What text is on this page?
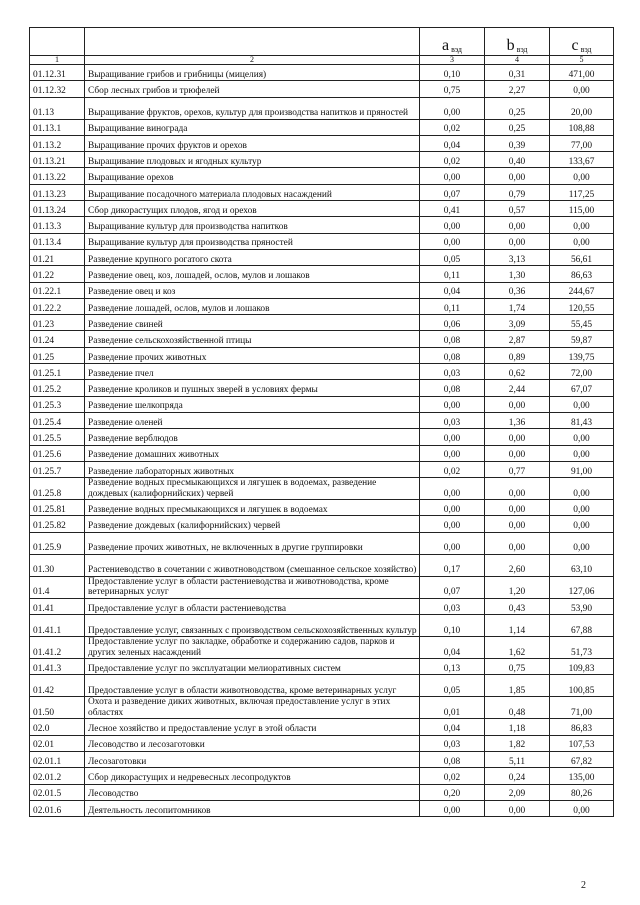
		a $_{вэд}$	b $_{вэд}$	c $_{вэд}$
1	2	3	4	5
01.12.31	Выращивание грибов и грибницы (мицелия)	0,10	0,31	471,00
01.12.32	Сбор лесных грибов и трюфелей	0,75	2,27	0,00
01.13	Выращивание фруктов, орехов, культур для производства напитков и пряностей	0,00	0,25	20,00
01.13.1	Выращивание винограда	0,02	0,25	108,88
01.13.2	Выращивание прочих фруктов и орехов	0,04	0,39	77,00
01.13.21	Выращивание плодовых и ягодных культур	0,02	0,40	133,67
01.13.22	Выращивание орехов	0,00	0,00	0,00
01.13.23	Выращивание посадочного материала плодовых насаждений	0,07	0,79	117,25
01.13.24	Сбор дикорастущих плодов, ягод и орехов	0,41	0,57	115,00
01.13.3	Выращивание культур для производства напитков	0,00	0,00	0,00
01.13.4	Выращивание культур для производства пряностей	0,00	0,00	0,00
01.21	Разведение крупного рогатого скота	0,05	3,13	56,61
01.22	Разведение овец, коз, лошадей, ослов, мулов и лошаков	0,11	1,30	86,63
01.22.1	Разведение овец и коз	0,04	0,36	244,67
01.22.2	Разведение лошадей, ослов, мулов и лошаков	0,11	1,74	120,55
01.23	Разведение свиней	0,06	3,09	55,45
01.24	Разведение сельскохозяйственной птицы	0,08	2,87	59,87
01.25	Разведение прочих животных	0,08	0,89	139,75
01.25.1	Разведение пчел	0,03	0,62	72,00
01.25.2	Разведение кроликов и пушных зверей в условиях фермы	0,08	2,44	67,07
01.25.3	Разведение шелкопряда	0,00	0,00	0,00
01.25.4	Разведение оленей	0,03	1,36	81,43
01.25.5	Разведение верблюдов	0,00	0,00	0,00
01.25.6	Разведение домашних животных	0,00	0,00	0,00
01.25.7	Разведение лабораторных животных	0,02	0,77	91,00
01.25.8	Разведение водных пресмыкающихся и лягушек в водоемах, разведение дождевых (калифорнийских) червей	0,00	0,00	0,00
01.25.81	Разведение водных пресмыкающихся и лягушек в водоемах	0,00	0,00	0,00
01.25.82	Разведение дождевых (калифорнийских) червей	0,00	0,00	0,00
01.25.9	Разведение прочих животных, не включенных в другие группировки	0,00	0,00	0,00
01.30	Растениеводство в сочетании с животноводством (смешанное сельское хозяйство)	0,17	2,60	63,10
01.4	Предоставление услуг в области растениеводства и животноводства, кроме ветеринарных услуг	0,07	1,20	127,06
01.41	Предоставление услуг в области растениеводства	0,03	0,43	53,90
01.41.1	Предоставление услуг, связанных с производством сельскохозяйственных культур	0,10	1,14	67,88
01.41.2	Предоставление услуг по закладке, обработке и содержанию садов, парков и других зеленых насаждений	0,04	1,62	51,73
01.41.3	Предоставление услуг по эксплуатации мелиоративных систем	0,13	0,75	109,83
01.42	Предоставление услуг в области животноводства, кроме ветеринарных услуг	0,05	1,85	100,85
01.50	Охота и разведение диких животных, включая предоставление услуг в этих областях	0,01	0,48	71,00
02.0	Лесное хозяйство и предоставление услуг в этой области	0,04	1,18	86,83
02.01	Лесоводство и лесозаготовки	0,03	1,82	107,53
02.01.1	Лесозаготовки	0,08	5,11	67,82
02.01.2	Сбор дикорастущих и недревесных лесопродуктов	0,02	0,24	135,00
02.01.5	Лесоводство	0,20	2,09	80,26
02.01.6	Деятельность лесопитомников	0,00	0,00	0,00
2
